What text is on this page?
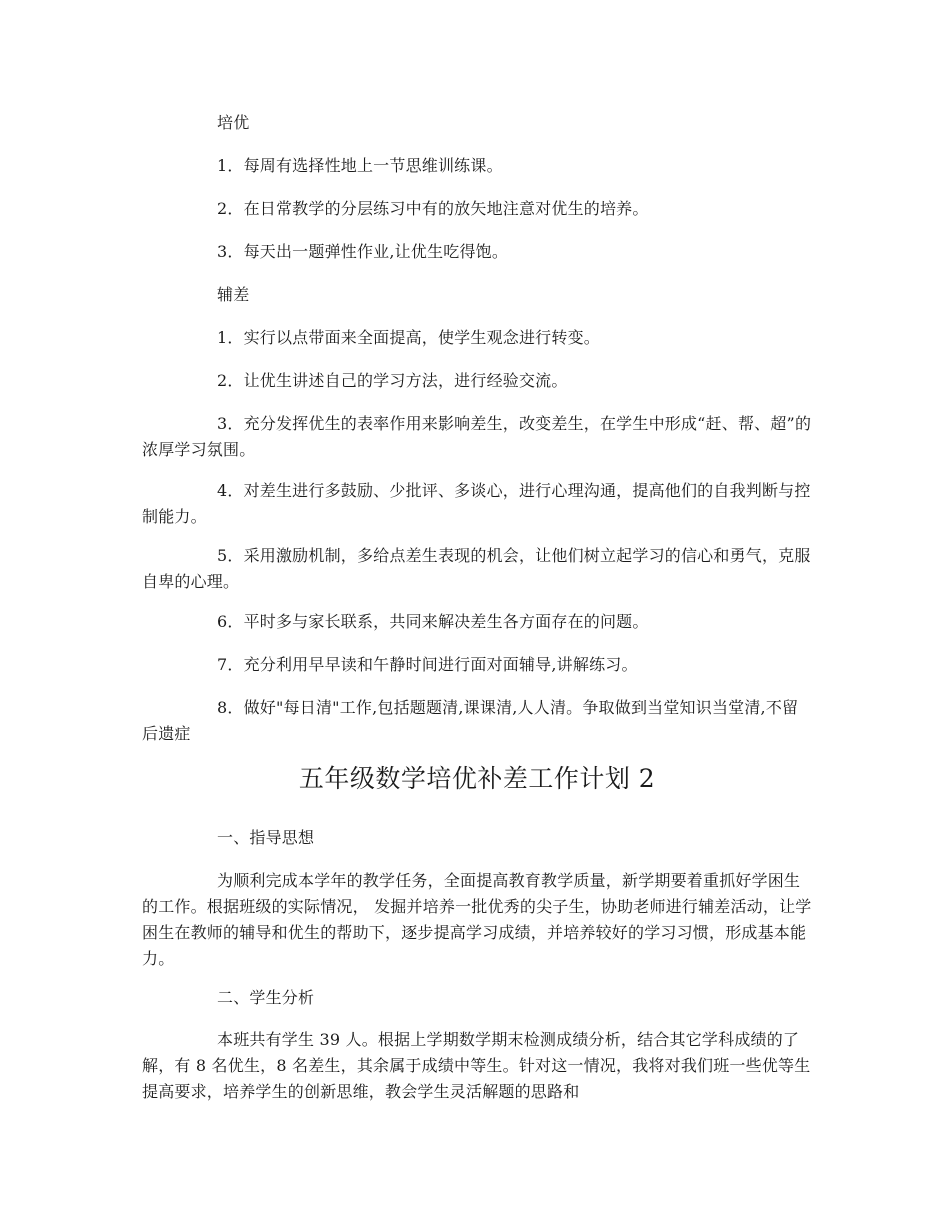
培优
1．每周有选择性地上一节思维训练课。
2．在日常教学的分层练习中有的放矢地注意对优生的培养。
3．每天出一题弹性作业,让优生吃得饱。
辅差
1．实行以点带面来全面提高，使学生观念进行转变。
2．让优生讲述自己的学习方法，进行经验交流。
3．充分发挥优生的表率作用来影响差生，改变差生，在学生中形成“赶、帮、超”的浓厚学习氛围。
4．对差生进行多鼓励、少批评、多谈心，进行心理沟通，提高他们的自我判断与控制能力。
5．采用激励机制，多给点差生表现的机会，让他们树立起学习的信心和勇气，克服自卑的心理。
6．平时多与家长联系，共同来解决差生各方面存在的问题。
7．充分利用早早读和午静时间进行面对面辅导,讲解练习。
8．做好"每日清"工作,包括题题清,课课清,人人清。争取做到当堂知识当堂清,不留后遗症
五年级数学培优补差工作计划 2
一、指导思想
为顺利完成本学年的教学任务，全面提高教育教学质量，新学期要着重抓好学困生的工作。根据班级的实际情况， 发掘并培养一批优秀的尖子生，协助老师进行辅差活动，让学困生在教师的辅导和优生的帮助下，逐步提高学习成绩，并培养较好的学习习惯，形成基本能力。
二、学生分析
本班共有学生 39 人。根据上学期数学期末检测成绩分析，结合其它学科成绩的了解，有 8 名优生，8 名差生，其余属于成绩中等生。针对这一情况，我将对我们班一些优等生提高要求，培养学生的创新思维，教会学生灵活解题的思路和
